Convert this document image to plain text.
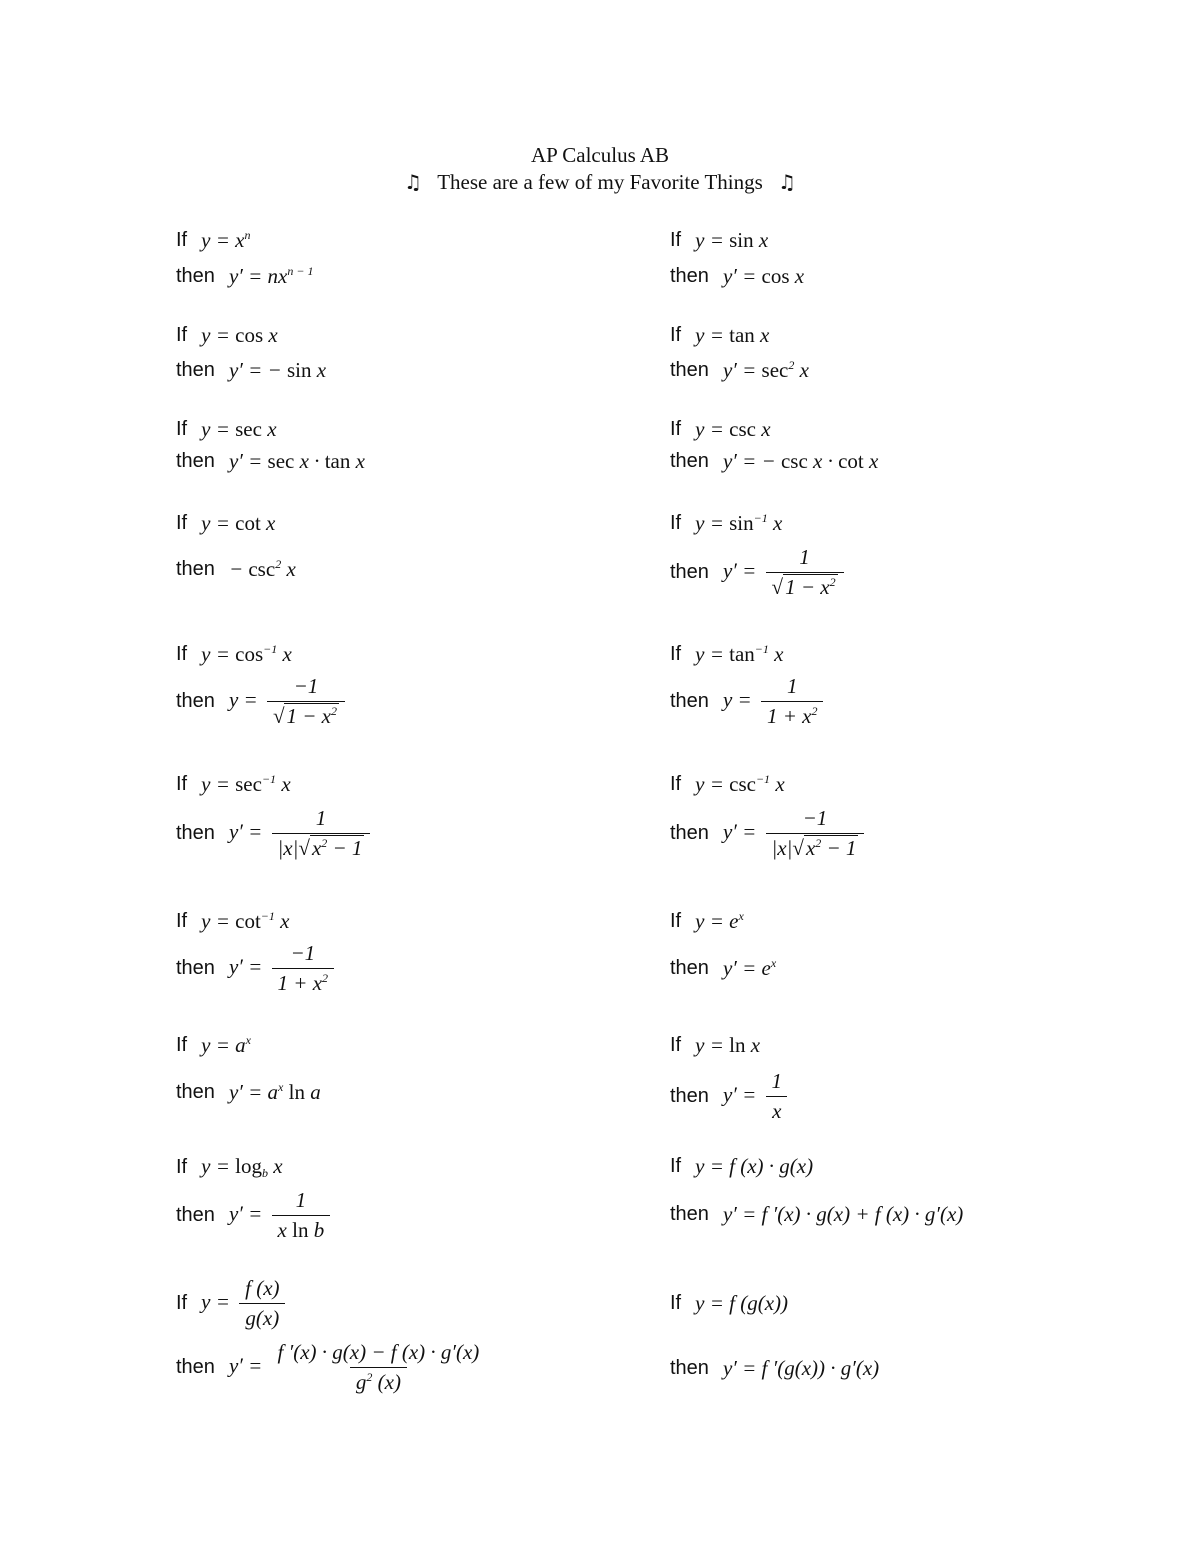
AP Calculus AB
♫ These are a few of my Favorite Things ♫
If $y = x^n$
then $y' = nx^{n - 1}$
If y = cos x
then y′ = − sin x
If y = sec x
then y′ = sec x · tan x
If y = cot x
then − $\csc^2 x$
If $y = \cos^{-1} x$
then $y = \frac{-1}{√1 - x^2}$
If $y = \sec^{-1} x$
then $y' = \frac{1}{|x|√x^2 - 1}$
If $y = \cot^{-1} x$
then $y' = \frac{-1}{1 + x^2}$
If $y = a^x$
then $y' = a^x$ ln a
If $y = \log_b x$
then $y' = \frac{1}{\text{x ln b}}$
If $y = \frac{f (x)}{g(x)}$
then $y' = \frac{f '(x) \cdot g(x) - f (x) \cdot g'(x)}{g^2 (x)}$
If y = sin x
then y′ = cos x
If y = tan x
then $y' = \sec^2 x$
If y = csc x
then y′ = − csc x · cot x
If $y = \sin^{-1} x$
then $y' = \frac{1}{√1 - x^2}$
If $y = \tan^{-1} x$
then $y = \frac{1}{1 + x^2}$
If $y = \csc^{-1} x$
then $y' = \frac{-1}{|x|√x^2 - 1}$
If $y = e^x$
then $y' = e^x$
If y = ln x
then $y' = \frac{1}{x}$
If y = f (x) · g(x)
then y′ = f ′(x) · g(x) + f (x) · g′(x)
If y = f (g(x))
then y′ = f ′(g(x)) · g′(x)
